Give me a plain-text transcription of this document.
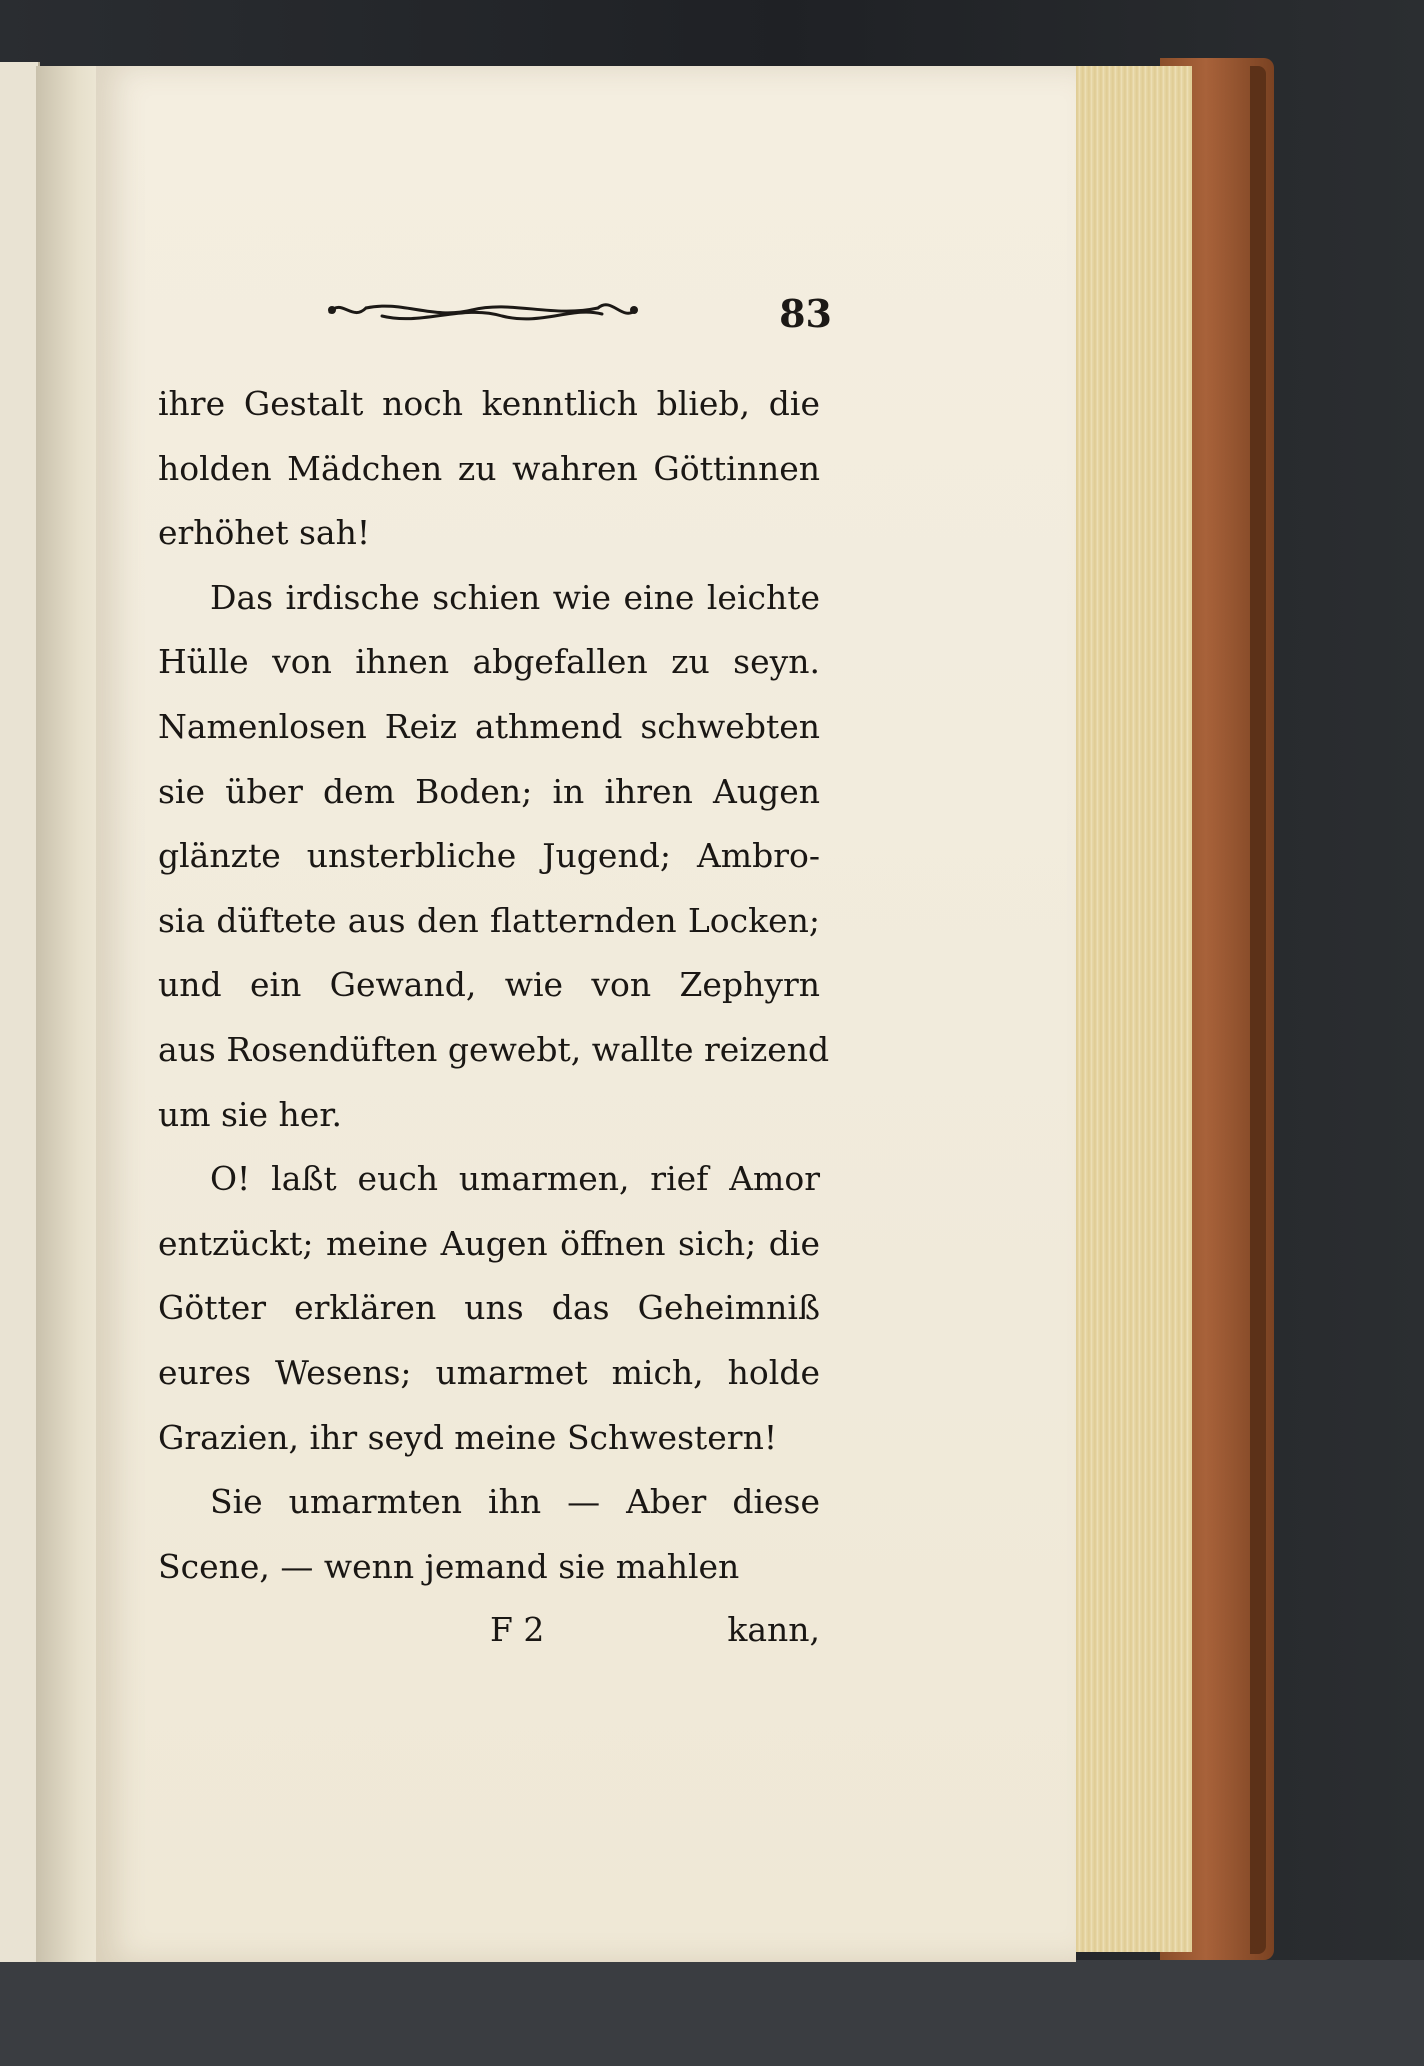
83
ihre Gestalt noch kenntlich blieb, die
holden Mädchen zu wahren Göttinnen
erhöhet sah!
Das irdische schien wie eine leichte
Hülle von ihnen abgefallen zu seyn.
Namenlosen Reiz athmend schwebten
sie über dem Boden; in ihren Augen
glänzte unsterbliche Jugend; Ambro-
sia düftete aus den flatternden Locken;
und ein Gewand, wie von Zephyrn
aus Rosendüften gewebt, wallte reizend
um sie her.
O! laßt euch umarmen, rief Amor
entzückt; meine Augen öffnen sich; die
Götter erklären uns das Geheimniß
eures Wesens; umarmet mich, holde
Grazien, ihr seyd meine Schwestern!
Sie umarmten ihn — Aber diese
Scene, — wenn jemand sie mahlen
F 2	kann,
